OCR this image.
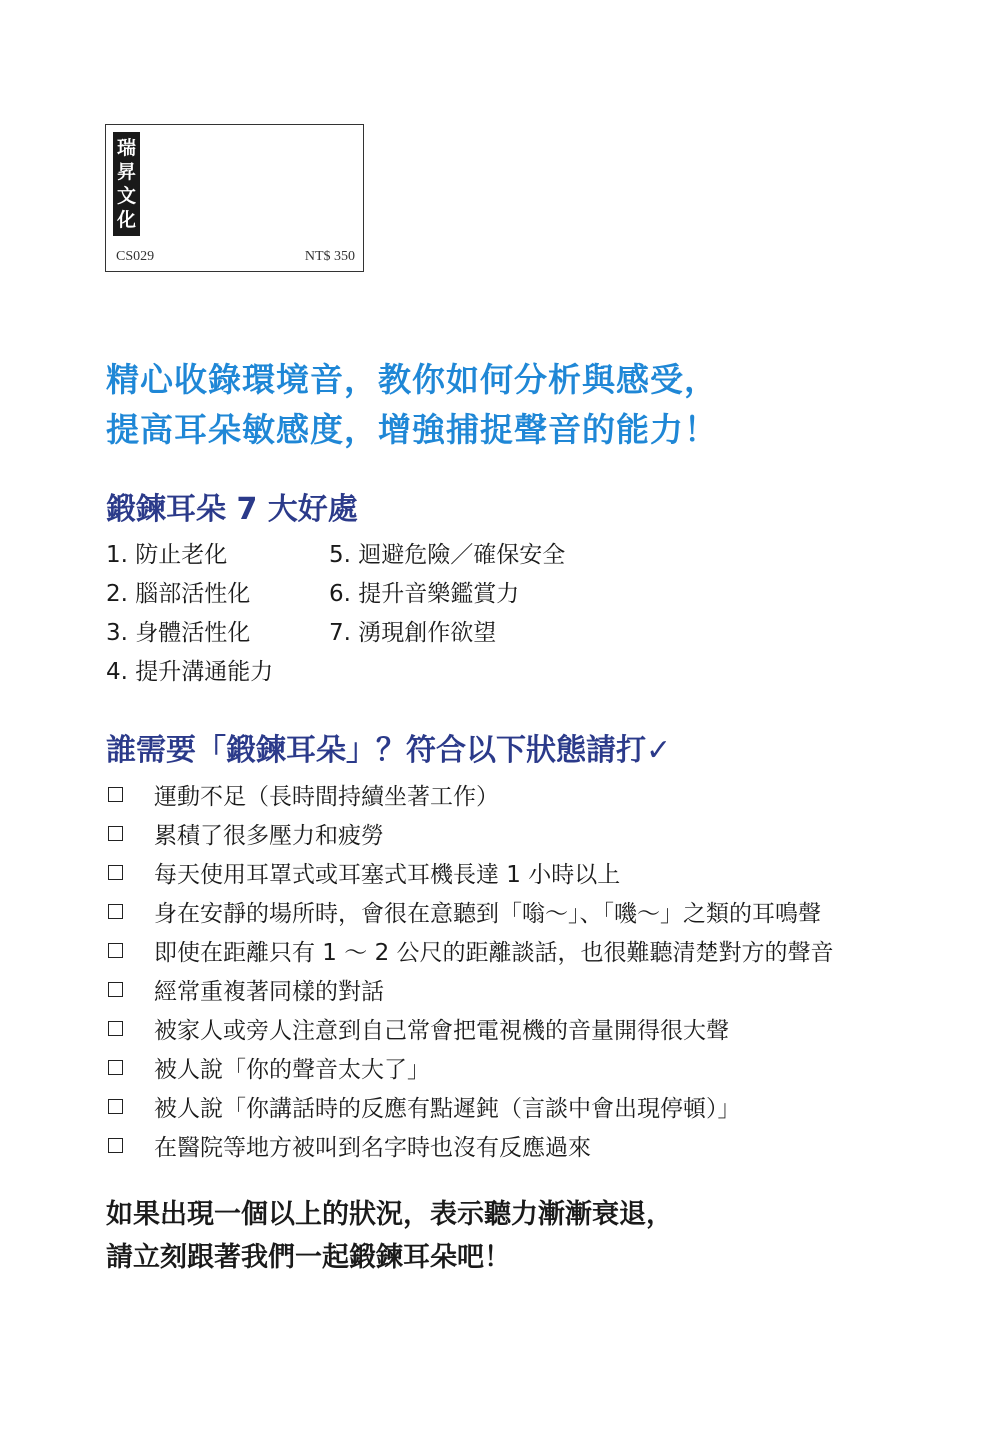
瑞
昇
文
化
CS029	NT$ 350
精心收錄環境音，教你如何分析與感受，
提高耳朵敏感度，增強捕捉聲音的能力！
鍛鍊耳朵 7 大好處
1. 防止老化
2. 腦部活性化
3. 身體活性化
4. 提升溝通能力
5. 迴避危險／確保安全
6. 提升音樂鑑賞力
7. 湧現創作欲望
誰需要「鍛鍊耳朵」？符合以下狀態請打✓
運動不足（長時間持續坐著工作）
累積了很多壓力和疲勞
每天使用耳罩式或耳塞式耳機長達 1 小時以上
身在安靜的場所時，會很在意聽到「嗡～」、「嘰～」之類的耳鳴聲
即使在距離只有 1 ～ 2 公尺的距離談話，也很難聽清楚對方的聲音
經常重複著同樣的對話
被家人或旁人注意到自己常會把電視機的音量開得很大聲
被人說「你的聲音太大了」
被人說「你講話時的反應有點遲鈍（言談中會出現停頓）」
在醫院等地方被叫到名字時也沒有反應過來
如果出現一個以上的狀況，表示聽力漸漸衰退，
請立刻跟著我們一起鍛鍊耳朵吧！
